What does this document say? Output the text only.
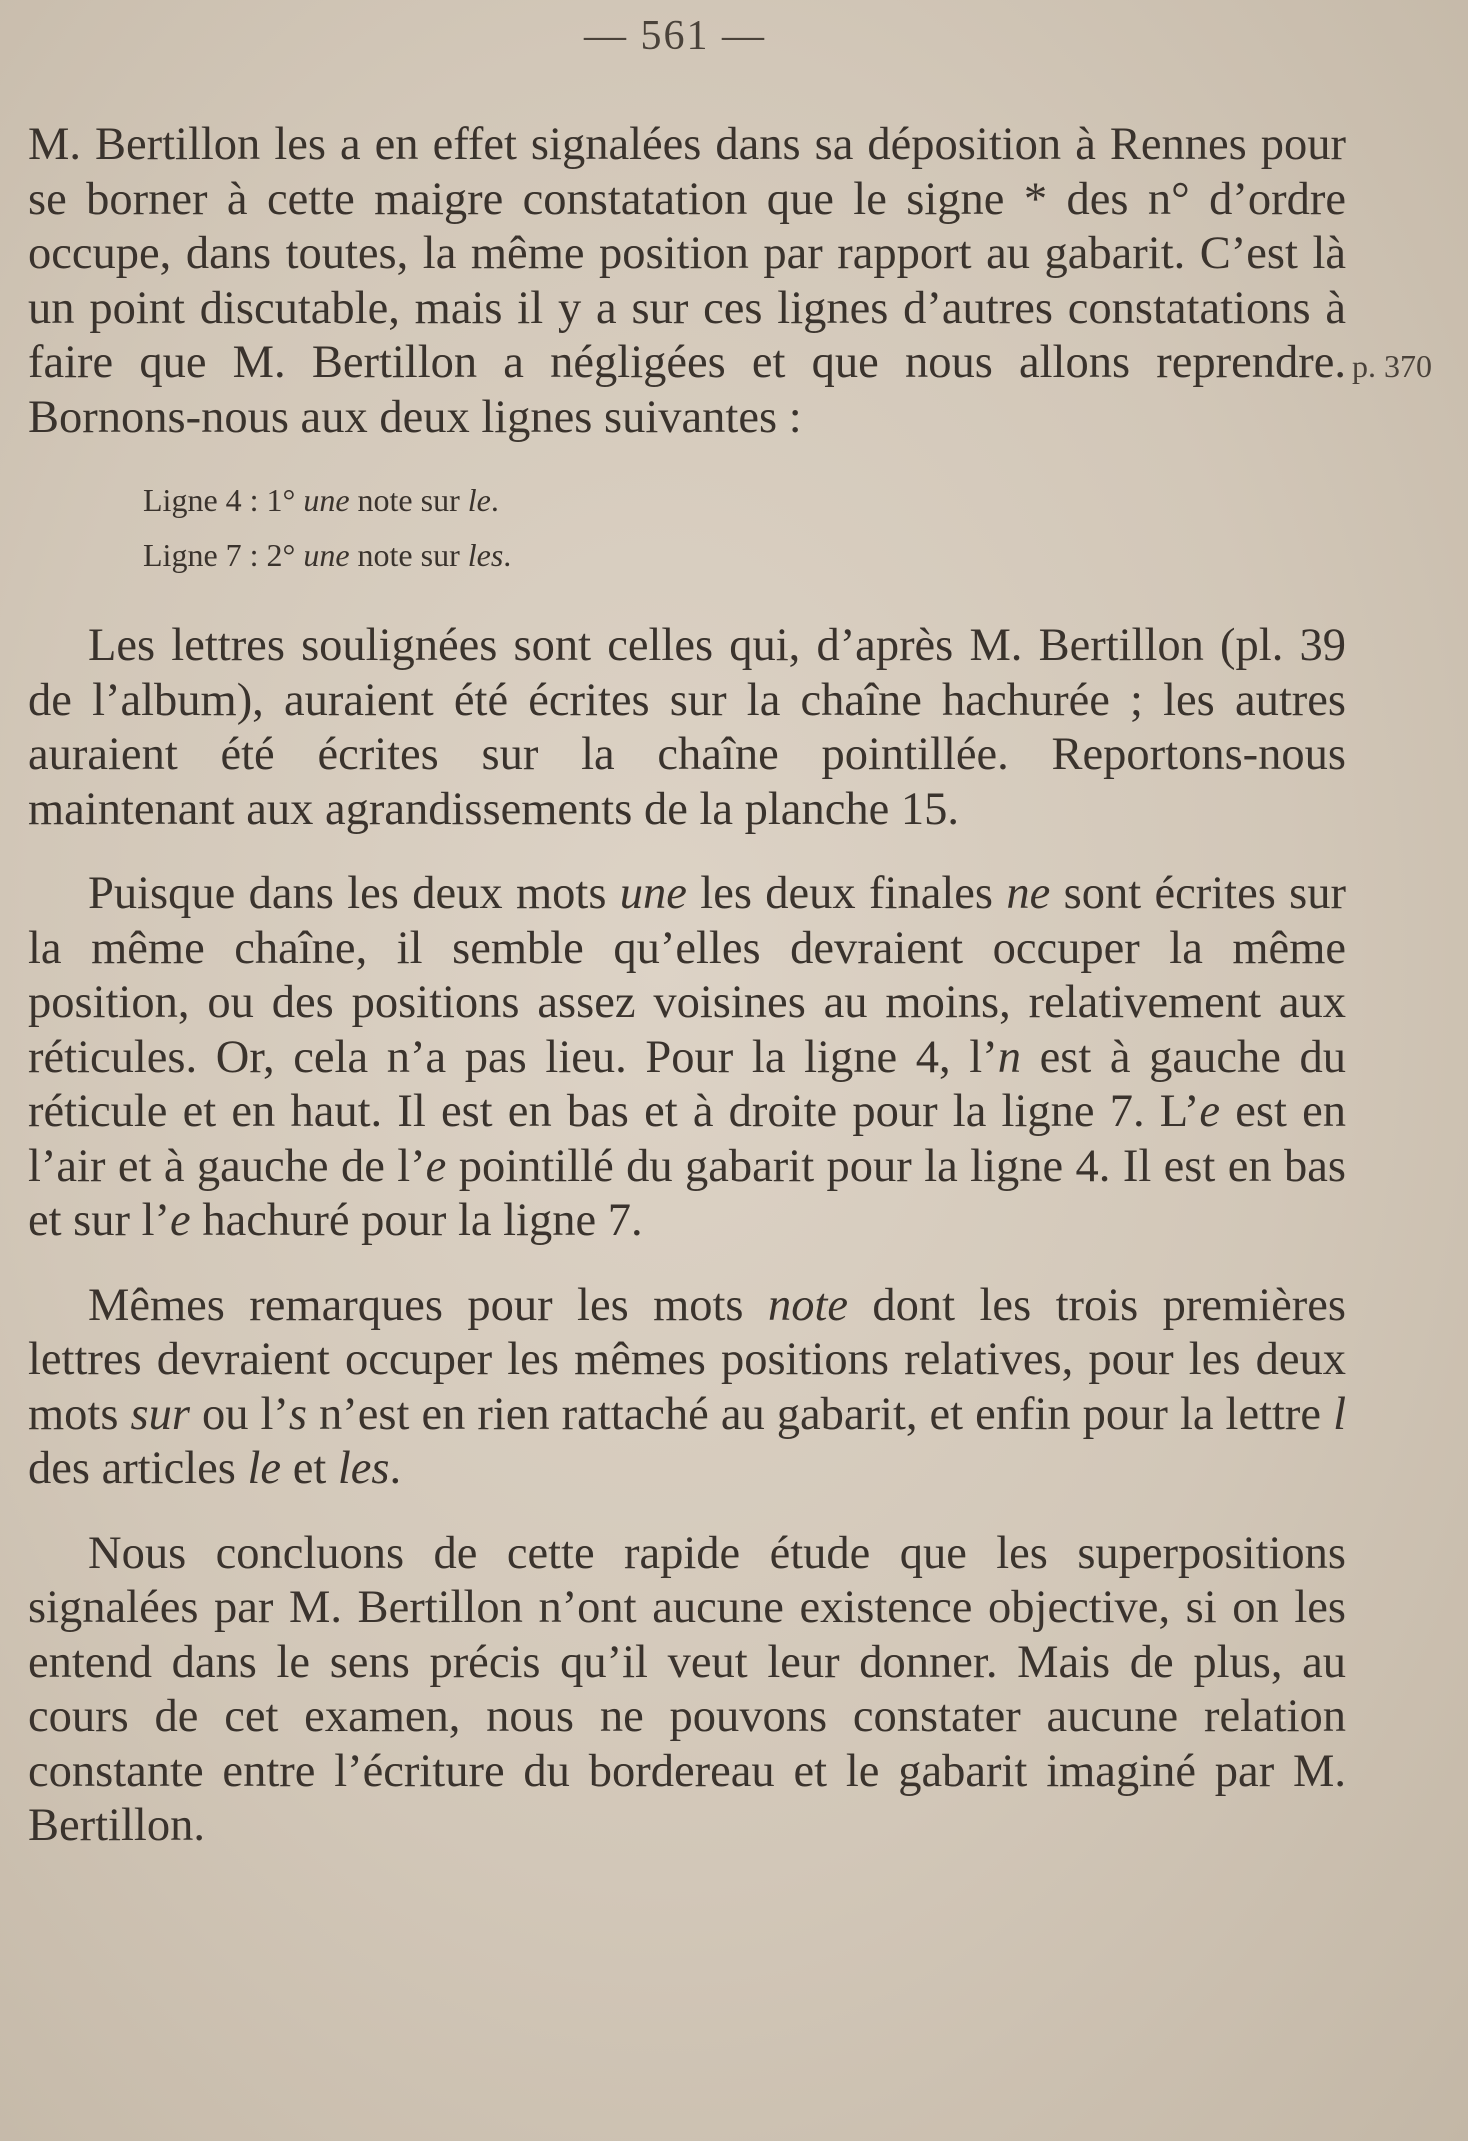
— 561 —
p. 370

M. Bertillon les a en effet signalées dans sa déposition à Rennes pour se borner à cette maigre constatation que le signe * des n° d’ordre occupe, dans toutes, la même position par rapport au gabarit. C’est là un point discutable, mais il y a sur ces lignes d’autres constatations à faire que M. Bertillon a négligées et que nous allons reprendre. Bornons-nous aux deux lignes suivantes :

Ligne 4 : 1° une note sur le.

Ligne 7 : 2° une note sur les.

Les lettres soulignées sont celles qui, d’après M. Bertillon (pl. 39 de l’album), auraient été écrites sur la chaîne hachurée ; les autres auraient été écrites sur la chaîne pointillée. Reportons-nous maintenant aux agrandissements de la planche 15.

Puisque dans les deux mots une les deux finales ne sont écrites sur la même chaîne, il semble qu’elles devraient occuper la même position, ou des positions assez voisines au moins, relativement aux réticules. Or, cela n’a pas lieu. Pour la ligne 4, l’n est à gauche du réticule et en haut. Il est en bas et à droite pour la ligne 7. L’e est en l’air et à gauche de l’e pointillé du gabarit pour la ligne 4. Il est en bas et sur l’e hachuré pour la ligne 7.

Mêmes remarques pour les mots note dont les trois premières lettres devraient occuper les mêmes positions relatives, pour les deux mots sur ou l’s n’est en rien rattaché au gabarit, et enfin pour la lettre l des articles le et les.

Nous concluons de cette rapide étude que les superpositions signalées par M. Bertillon n’ont aucune existence objective, si on les entend dans le sens précis qu’il veut leur donner. Mais de plus, au cours de cet examen, nous ne pouvons constater aucune relation constante entre l’écriture du bordereau et le gabarit imaginé par M. Bertillon.
